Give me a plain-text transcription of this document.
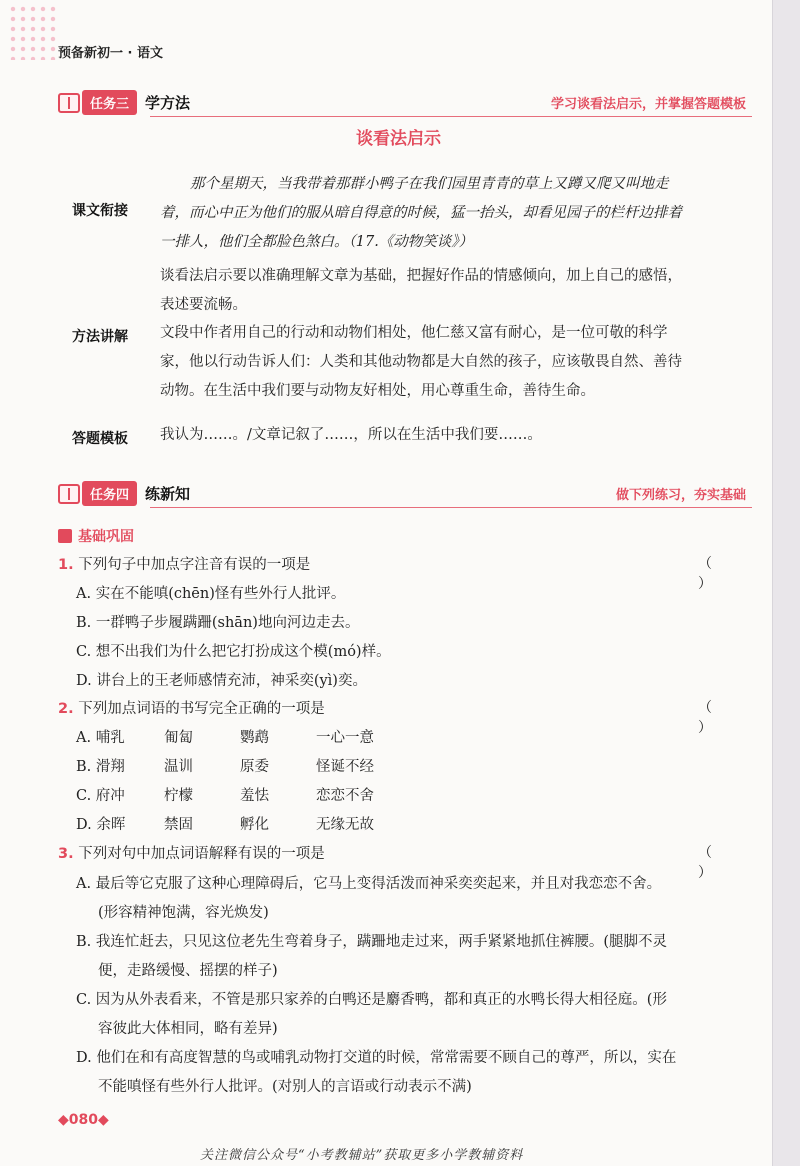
预备新初一 · 语文
任务三	学方法	学习谈看法启示，并掌握答题模板
谈看法启示
课文衔接
那个星期天，当我带着那群小鸭子在我们园里青青的草上又蹲又爬又叫地走
着，而心中正为他们的服从暗自得意的时候，猛一抬头，却看见园子的栏杆边排着
一排人，他们全都脸色煞白。（17.《动物笑谈》）
谈看法启示要以准确理解文章为基础，把握好作品的情感倾向，加上自己的感悟，
表述要流畅。
方法讲解 文段中作者用自己的行动和动物们相处，他仁慈又富有耐心，是一位可敬的科学
家，他以行动告诉人们：人类和其他动物都是大自然的孩子，应该敬畏自然、善待
动物。在生活中我们要与动物友好相处，用心尊重生命，善待生命。
答题模板 我认为……。/文章记叙了……，所以在生活中我们要……。
任务四	练新知	做下列练习，夯实基础
基础巩固
1. 下列句子中加点字注音有误的一项是	（ ）
A. 实在不能嗔(chēn)怪有些外行人批评。
B. 一群鸭子步履蹒跚(shān)地向河边走去。
C. 想不出我们为什么把它打扮成这个模(mó)样。
D. 讲台上的王老师感情充沛，神采奕(yì)奕。
2. 下列加点词语的书写完全正确的一项是	（ ）
A. 哺乳	匍匐	鹦鹉	一心一意
B. 滑翔	温训	原委	怪诞不经
C. 府冲	柠檬	羞怯	恋恋不舍
D. 余晖	禁固	孵化	无缘无故
3. 下列对句中加点词语解释有误的一项是	（ ）
A. 最后等它克服了这种心理障碍后，它马上变得活泼而神采奕奕起来，并且对我恋恋不舍。
(形容精神饱满，容光焕发)
B. 我连忙赶去，只见这位老先生弯着身子，蹒跚地走过来，两手紧紧地抓住裤腰。(腿脚不灵
便，走路缓慢、摇摆的样子)
C. 因为从外表看来，不管是那只家养的白鸭还是麝香鸭，都和真正的水鸭长得大相径庭。(形
容彼此大体相同，略有差异)
D. 他们在和有高度智慧的鸟或哺乳动物打交道的时候，常常需要不顾自己的尊严，所以，实在
不能嗔怪有些外行人批评。(对别人的言语或行动表示不满)
◆080◆
关注微信公众号“小考教辅站”获取更多小学教辅资料
